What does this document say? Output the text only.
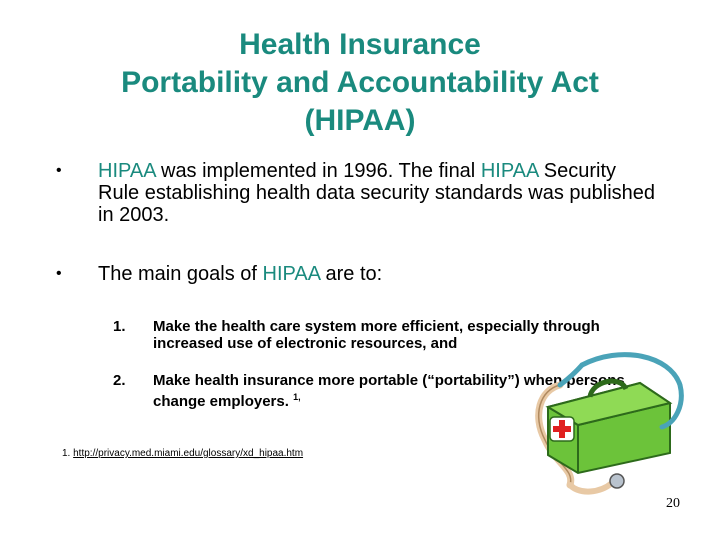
Health Insurance
Portability and Accountability Act
(HIPAA)
• HIPAA was implemented in 1996. The final HIPAA Security Rule establishing health data security standards was published in 2003.
• The main goals of HIPAA are to:
1. Make the health care system more efficient, especially through increased use of electronic resources, and
2. Make health insurance more portable (“portability”) when persons change employers. $^{1,}$
1. http://privacy.med.miami.edu/glossary/xd_hipaa.htm
20
